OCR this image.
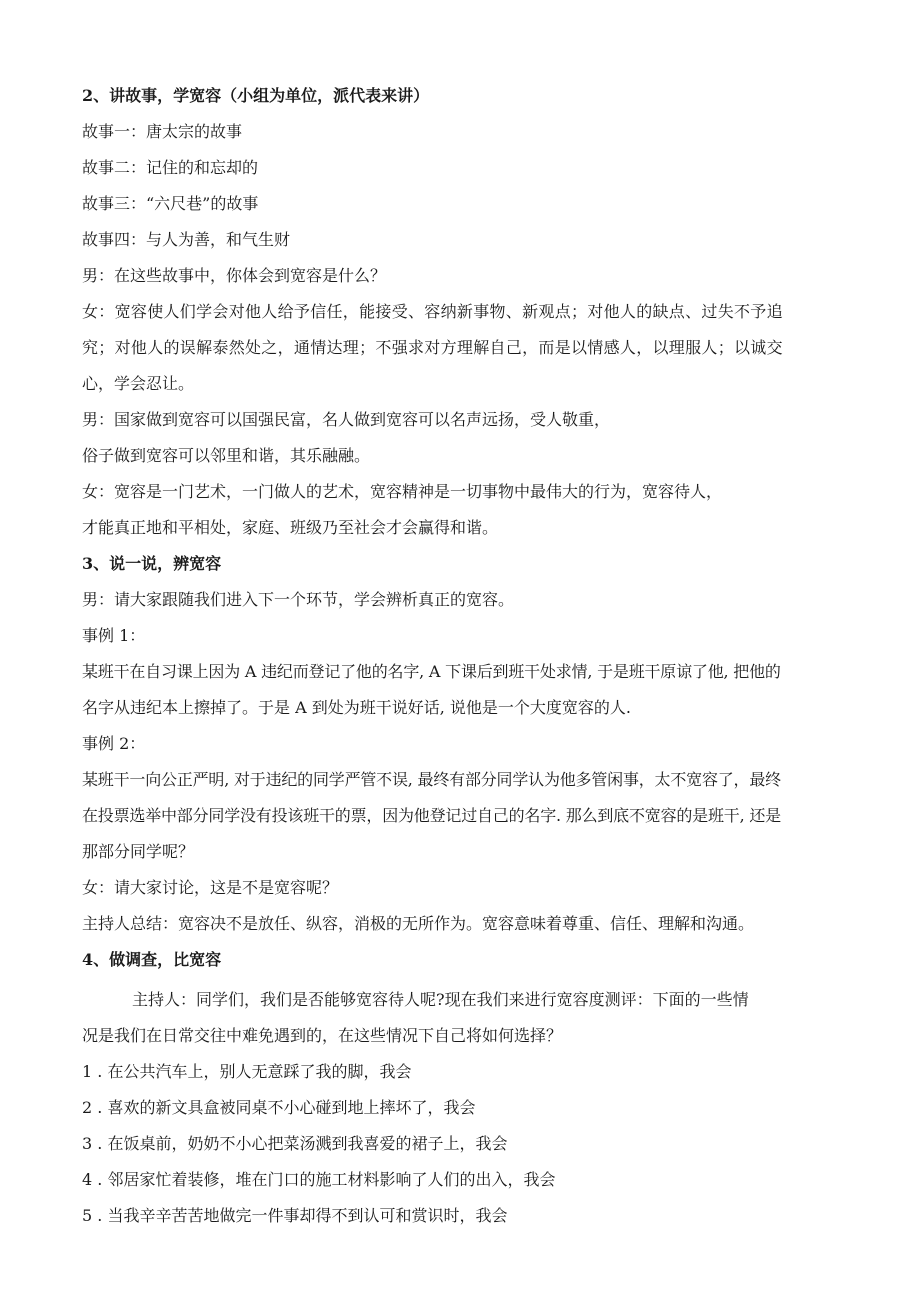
2、讲故事，学宽容（小组为单位，派代表来讲）
故事一：唐太宗的故事
故事二：记住的和忘却的
故事三：“六尺巷”的故事
故事四：与人为善，和气生财
男：在这些故事中，你体会到宽容是什么？
女：宽容使人们学会对他人给予信任，能接受、容纳新事物、新观点；对他人的缺点、过失不予追
究；对他人的误解泰然处之，通情达理；不强求对方理解自己，而是以情感人，以理服人；以诚交
心，学会忍让。
男：国家做到宽容可以国强民富，名人做到宽容可以名声远扬，受人敬重，
俗子做到宽容可以邻里和谐，其乐融融。
女：宽容是一门艺术，一门做人的艺术，宽容精神是一切事物中最伟大的行为，宽容待人，
才能真正地和平相处，家庭、班级乃至社会才会赢得和谐。
3、说一说，辨宽容
男：请大家跟随我们进入下一个环节，学会辨析真正的宽容。
事例 1：
某班干在自习课上因为 A 违纪而登记了他的名字, A 下课后到班干处求情, 于是班干原谅了他, 把他的
名字从违纪本上擦掉了。于是 A 到处为班干说好话, 说他是一个大度宽容的人.
事例 2：
某班干一向公正严明, 对于违纪的同学严管不误, 最终有部分同学认为他多管闲事，太不宽容了，最终
在投票选举中部分同学没有投该班干的票，因为他登记过自己的名字. 那么到底不宽容的是班干, 还是
那部分同学呢？
女：请大家讨论，这是不是宽容呢？
主持人总结：宽容决不是放任、纵容，消极的无所作为。宽容意味着尊重、信任、理解和沟通。
4、做调查，比宽容
主持人：同学们，我们是否能够宽容待人呢?现在我们来进行宽容度测评：下面的一些情
况是我们在日常交往中难免遇到的，在这些情况下自己将如何选择？
1 . 在公共汽车上，别人无意踩了我的脚，我会
2 . 喜欢的新文具盒被同桌不小心碰到地上摔坏了，我会
3 . 在饭桌前，奶奶不小心把菜汤溅到我喜爱的裙子上，我会
4 . 邻居家忙着装修，堆在门口的施工材料影响了人们的出入，我会
5 . 当我辛辛苦苦地做完一件事却得不到认可和赏识时，我会
